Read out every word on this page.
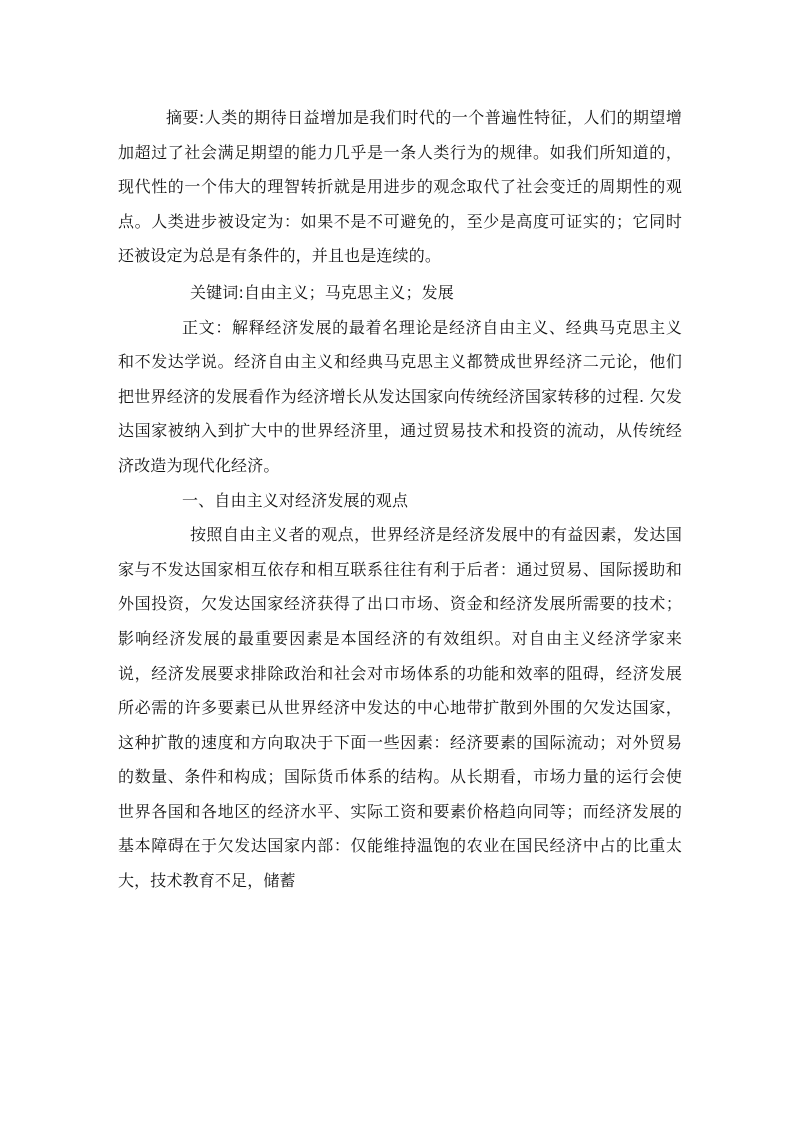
摘要:人类的期待日益增加是我们时代的一个普遍性特征，人们的期望增加超过了社会满足期望的能力几乎是一条人类行为的规律。如我们所知道的，现代性的一个伟大的理智转折就是用进步的观念取代了社会变迁的周期性的观点。人类进步被设定为：如果不是不可避免的，至少是高度可证实的；它同时还被设定为总是有条件的，并且也是连续的。

关键词:自由主义；马克思主义；发展

正文：解释经济发展的最着名理论是经济自由主义、经典马克思主义和不发达学说。经济自由主义和经典马克思主义都赞成世界经济二元论，他们把世界经济的发展看作为经济增长从发达国家向传统经济国家转移的过程. 欠发达国家被纳入到扩大中的世界经济里，通过贸易技术和投资的流动，从传统经济改造为现代化经济。

一、自由主义对经济发展的观点

按照自由主义者的观点，世界经济是经济发展中的有益因素，发达国家与不发达国家相互依存和相互联系往往有利于后者：通过贸易、国际援助和外国投资，欠发达国家经济获得了出口市场、资金和经济发展所需要的技术；影响经济发展的最重要因素是本国经济的有效组织。对自由主义经济学家来说，经济发展要求排除政治和社会对市场体系的功能和效率的阻碍，经济发展所必需的许多要素已从世界经济中发达的中心地带扩散到外围的欠发达国家，这种扩散的速度和方向取决于下面一些因素：经济要素的国际流动；对外贸易的数量、条件和构成；国际货币体系的结构。从长期看，市场力量的运行会使世界各国和各地区的经济水平、实际工资和要素价格趋向同等；而经济发展的基本障碍在于欠发达国家内部：仅能维持温饱的农业在国民经济中占的比重太大，技术教育不足，储蓄
